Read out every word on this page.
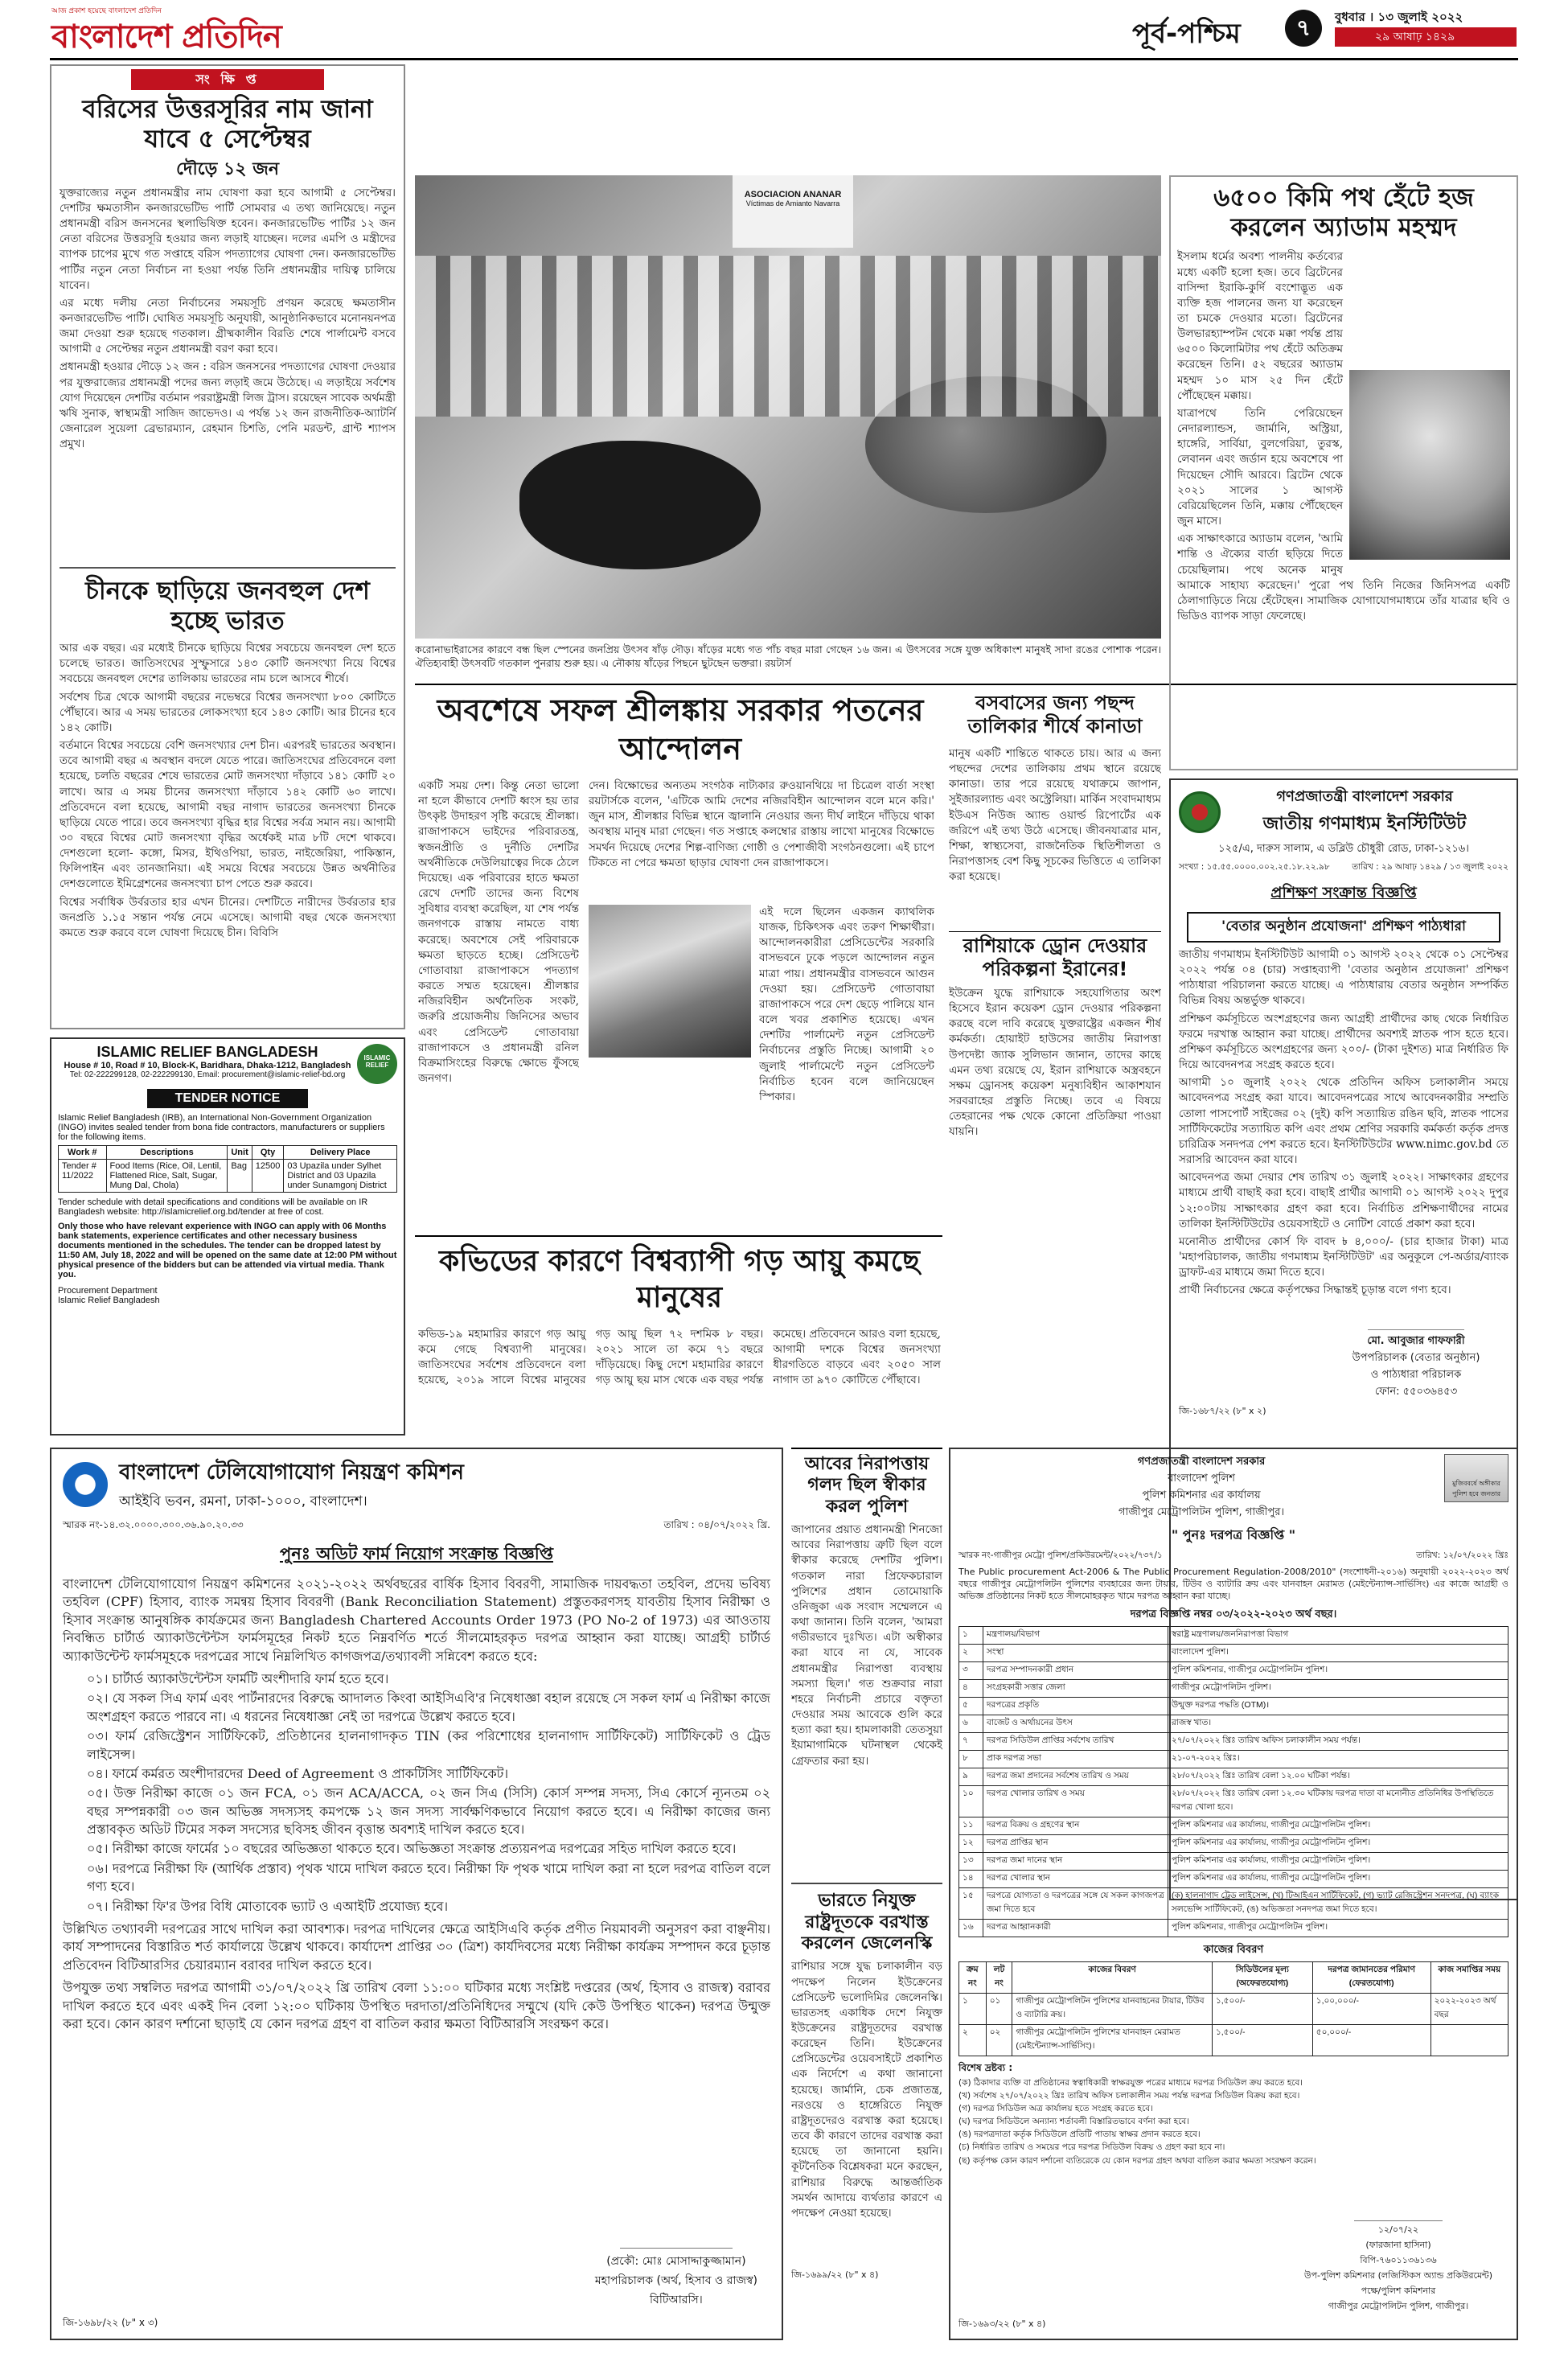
আজ প্রকাশ হয়েছে বাংলাদেশ প্রতিদিন
বাংলাদেশ প্রতিদিন	পূর্ব-পশ্চিম	৭	বুধবার । ১৩ জুলাই ২০২২
২৯ আষাঢ় ১৪২৯
সং ক্ষি প্ত
বরিসের উত্তরসূরির নাম জানা যাবে ৫ সেপ্টেম্বর
দৌড়ে ১২ জন

যুক্তরাজ্যের নতুন প্রধানমন্ত্রীর নাম ঘোষণা করা হবে আগামী ৫ সেপ্টেম্বর। দেশটির ক্ষমতাসীন কনজারভেটিভ পার্টি সোমবার এ তথ্য জানিয়েছে। নতুন প্রধানমন্ত্রী বরিস জনসনের স্থলাভিষিক্ত হবেন। কনজারভেটিভ পার্টির ১২ জন নেতা বরিসের উত্তরসূরি হওয়ার জন্য লড়াই যাচ্ছেন। দলের এমপি ও মন্ত্রীদের ব্যাপক চাপের মুখে গত সপ্তাহে বরিস পদত্যাগের ঘোষণা দেন। কনজারভেটিভ পার্টির নতুন নেতা নির্বাচন না হওয়া পর্যন্ত তিনি প্রধানমন্ত্রীর দায়িত্ব চালিয়ে যাবেন।

এর মধ্যে দলীয় নেতা নির্বাচনের সময়সূচি প্রণয়ন করেছে ক্ষমতাসীন কনজারভেটিভ পার্টি। ঘোষিত সময়সূচি অনুযায়ী, আনুষ্ঠানিকভাবে মনোনয়নপত্র জমা দেওয়া শুরু হয়েছে গতকাল। গ্রীষ্মকালীন বিরতি শেষে পার্লামেন্ট বসবে আগামী ৫ সেপ্টেম্বর নতুন প্রধানমন্ত্রী বরণ করা হবে।

প্রধানমন্ত্রী হওয়ার দৌড়ে ১২ জন : বরিস জনসনের পদত্যাগের ঘোষণা দেওয়ার পর যুক্তরাজ্যের প্রধানমন্ত্রী পদের জন্য লড়াই জমে উঠেছে। এ লড়াইয়ে সর্বশেষ যোগ দিয়েছেন দেশটির বর্তমান পররাষ্ট্রমন্ত্রী লিজ ট্রাস। রয়েছেন সাবেক অর্থমন্ত্রী ঋষি সুনাক, স্বাস্থ্যমন্ত্রী সাজিদ জাভেদও। এ পর্যন্ত ১২ জন রাজনীতিক-অ্যাটর্নি জেনারেল সুয়েলা ব্রেভারম্যান, রেহমান চিশতি, পেনি মরডন্ট, গ্রান্ট শ্যাপস প্রমুখ।

চীনকে ছাড়িয়ে জনবহুল দেশ হচ্ছে ভারত

আর এক বছর। এর মধ্যেই চীনকে ছাড়িয়ে বিশ্বের সবচেয়ে জনবহুল দেশ হতে চলেছে ভারত। জাতিসংঘের সুস্ফুসারে ১৪৩ কোটি জনসংখ্যা নিয়ে বিশ্বের সবচেয়ে জনবহুল দেশের তালিকায় ভারতের নাম চলে আসবে শীর্ষে।

সর্বশেষ চিত্র থেকে আগামী বছরের নভেম্বরে বিশ্বের জনসংখ্যা ৮০০ কোটিতে পৌঁছাবে। আর এ সময় ভারতের লোকসংখ্যা হবে ১৪৩ কোটি। আর চীনের হবে ১৪২ কোটি।

বর্তমানে বিশ্বের সবচেয়ে বেশি জনসংখ্যার দেশ চীন। এরপরই ভারতের অবস্থান। তবে আগামী বছর এ অবস্থান বদলে যেতে পারে। জাতিসংঘের প্রতিবেদনে বলা হয়েছে, চলতি বছরের শেষে ভারতের মোট জনসংখ্যা দাঁড়াবে ১৪১ কোটি ২০ লাখে। আর এ সময় চীনের জনসংখ্যা দাঁড়াবে ১৪২ কোটি ৬০ লাখে। প্রতিবেদনে বলা হয়েছে, আগামী বছর নাগাদ ভারতের জনসংখ্যা চীনকে ছাড়িয়ে যেতে পারে। তবে জনসংখ্যা বৃদ্ধির হার বিশ্বের সর্বত্র সমান নয়। আগামী ৩০ বছরে বিশ্বের মোট জনসংখ্যা বৃদ্ধির অর্ধেকই মাত্র ৮টি দেশে থাকবে। দেশগুলো হলো- কঙ্গো, মিসর, ইথিওপিয়া, ভারত, নাইজেরিয়া, পাকিস্তান, ফিলিপাইন এবং তানজানিয়া। এই সময়ে বিশ্বের সবচেয়ে উন্নত অর্থনীতির দেশগুলোতে ইমিগ্রেশনের জনসংখ্যা চাপ পেতে শুরু করবে।

বিশ্বের সর্বাধিক উর্বরতার হার এখন চীনের। দেশটিতে নারীদের উর্বরতার হার জনপ্রতি ১.১৫ সন্তান পর্যন্ত নেমে এসেছে। আগামী বছর থেকে জনসংখ্যা কমতে শুরু করবে বলে ঘোষণা দিয়েছে চীন। বিবিসি

ASOCIACION ANANAR
Víctimas de Amianto Navarra
করোনাভাইরাসের কারণে বন্ধ ছিল স্পেনের জনপ্রিয় উৎসব ষাঁড় দৌড়। ষাঁড়ের মধ্যে গত পাঁচ বছর মারা গেছেন ১৬ জন। এ উৎসবের সঙ্গে যুক্ত অধিকাংশ মানুষই সাদা রঙের পোশাক পরেন। ঐতিহ্যবাহী উৎসবটি গতকাল পুনরায় শুরু হয়। এ নৌকায় ষাঁড়ের পিছনে ছুটছেন ভক্তরা। রয়টার্স
অবশেষে সফল শ্রীলঙ্কায় সরকার পতনের আন্দোলন
একটি সময় দেশ। কিন্তু নেতা ভালো না হলে কীভাবে দেশটি ধ্বংস হয় তার উৎকৃষ্ট উদাহরণ সৃষ্টি করেছে শ্রীলঙ্কা। রাজাপাকসে ভাইদের পরিবারতন্ত্র, স্বজনপ্রীতি ও দুর্নীতি দেশটির অর্থনীতিকে দেউলিয়াত্বের দিকে ঠেলে দিয়েছে। এক পরিবারের হাতে ক্ষমতা রেখে দেশটি তাদের জন্য বিশেষ সুবিধার ব্যবস্থা করেছিল, যা শেষ পর্যন্ত জনগণকে রাস্তায় নামতে বাধ্য করেছে। অবশেষে সেই পরিবারকে ক্ষমতা ছাড়তে হচ্ছে। প্রেসিডেন্ট গোতাবায়া রাজাপাকসে পদত্যাগ করতে সম্মত হয়েছেন। শ্রীলঙ্কার নজিরবিহীন অর্থনৈতিক সংকট, জরুরি প্রয়োজনীয় জিনিসের অভাব এবং প্রেসিডেন্ট গোতাবায়া রাজাপাকসে ও প্রধানমন্ত্রী রনিল বিক্রমাসিংহের বিরুদ্ধে ক্ষোভে ফুঁসছে জনগণ।
দেন। বিক্ষোভের অন্যতম সংগঠক নাট্যকার রুওয়ানথিয়ে দা চিত্রেল বার্তা সংস্থা রয়টার্সকে বলেন, 'এটিকে আমি দেশের নজিরবিহীন আন্দোলন বলে মনে করি।' জুন মাস, শ্রীলঙ্কার বিভিন্ন স্থানে জ্বালানি নেওয়ার জন্য দীর্ঘ লাইনে দাঁড়িয়ে থাকা অবস্থায় মানুষ মারা গেছেন। গত সপ্তাহে কলম্বোর রাস্তায় লাখো মানুষের বিক্ষোভে সমর্থন দিয়েছে দেশের শিল্প-বাণিজ্য গোষ্ঠী ও পেশাজীবী সংগঠনগুলো। এই চাপে টিকতে না পেরে ক্ষমতা ছাড়ার ঘোষণা দেন রাজাপাকসে।
এই দলে ছিলেন একজন ক্যাথলিক যাজক, চিকিৎসক এবং তরুণ শিক্ষার্থীরা। আন্দোলনকারীরা প্রেসিডেন্টের সরকারি বাসভবনে ঢুকে পড়লে আন্দোলন নতুন মাত্রা পায়। প্রধানমন্ত্রীর বাসভবনে আগুন দেওয়া হয়। প্রেসিডেন্ট গোতাবায়া রাজাপাকসে পরে দেশ ছেড়ে পালিয়ে যান বলে খবর প্রকাশিত হয়েছে। এখন দেশটির পার্লামেন্ট নতুন প্রেসিডেন্ট নির্বাচনের প্রস্তুতি নিচ্ছে। আগামী ২০ জুলাই পার্লামেন্টে নতুন প্রেসিডেন্ট নির্বাচিত হবেন বলে জানিয়েছেন স্পিকার।
৬৫০০ কিমি পথ হেঁটে হজ করলেন অ্যাডাম মহম্মদ

ইসলাম ধর্মের অবশ্য পালনীয় কর্তব্যের মধ্যে একটি হলো হজ। তবে ব্রিটেনের বাসিন্দা ইরাকি-কুর্দি বংশোদ্ভূত এক ব্যক্তি হজ পালনের জন্য যা করেছেন তা চমকে দেওয়ার মতো। ব্রিটেনের উলভারহ্যাম্পটন থেকে মক্কা পর্যন্ত প্রায় ৬৫০০ কিলোমিটার পথ হেঁটে অতিক্রম করেছেন তিনি। ৫২ বছরের অ্যাডাম মহম্মদ ১০ মাস ২৫ দিন হেঁটে পৌঁছেছেন মক্কায়।

যাত্রাপথে তিনি পেরিয়েছেন নেদারল্যান্ডস, জার্মানি, অস্ট্রিয়া, হাঙ্গেরি, সার্বিয়া, বুলগেরিয়া, তুরস্ক, লেবানন এবং জর্ডান হয়ে অবশেষে পা দিয়েছেন সৌদি আরবে। ব্রিটেন থেকে ২০২১ সালের ১ আগস্ট বেরিয়েছিলেন তিনি, মক্কায় পৌঁছেছেন জুন মাসে।

এক সাক্ষাৎকারে অ্যাডাম বলেন, 'আমি শান্তি ও ঐক্যের বার্তা ছড়িয়ে দিতে চেয়েছিলাম। পথে অনেক মানুষ আমাকে সাহায্য করেছেন।' পুরো পথ তিনি নিজের জিনিসপত্র একটি ঠেলাগাড়িতে নিয়ে হেঁটেছেন। সামাজিক যোগাযোগমাধ্যমে তাঁর যাত্রার ছবি ও ভিডিও ব্যাপক সাড়া ফেলেছে।

বসবাসের জন্য পছন্দ তালিকার শীর্ষে কানাডা
মানুষ একটি শান্তিতে থাকতে চায়। আর এ জন্য পছন্দের দেশের তালিকায় প্রথম স্থানে রয়েছে কানাডা। তার পরে রয়েছে যথাক্রমে জাপান, সুইজারল্যান্ড এবং অস্ট্রেলিয়া। মার্কিন সংবাদমাধ্যম ইউএস নিউজ অ্যান্ড ওয়ার্ল্ড রিপোর্টের এক জরিপে এই তথ্য উঠে এসেছে। জীবনযাত্রার মান, শিক্ষা, স্বাস্থ্যসেবা, রাজনৈতিক স্থিতিশীলতা ও নিরাপত্তাসহ বেশ কিছু সূচকের ভিত্তিতে এ তালিকা করা হয়েছে।
রাশিয়াকে ড্রোন দেওয়ার পরিকল্পনা ইরানের!
ইউক্রেন যুদ্ধে রাশিয়াকে সহযোগিতার অংশ হিসেবে ইরান কয়েকশ ড্রোন দেওয়ার পরিকল্পনা করছে বলে দাবি করেছে যুক্তরাষ্ট্রের একজন শীর্ষ কর্মকর্তা। হোয়াইট হাউসের জাতীয় নিরাপত্তা উপদেষ্টা জ্যাক সুলিভান জানান, তাদের কাছে এমন তথ্য রয়েছে যে, ইরান রাশিয়াকে অস্ত্রবহনে সক্ষম ড্রোনসহ কয়েকশ মনুষ্যবিহীন আকাশযান সরবরাহের প্রস্তুতি নিচ্ছে। তবে এ বিষয়ে তেহরানের পক্ষ থেকে কোনো প্রতিক্রিয়া পাওয়া যায়নি।
কভিডের কারণে বিশ্বব্যাপী গড় আয়ু কমছে মানুষের
কভিড-১৯ মহামারির কারণে গড় আয়ু কমে গেছে বিশ্বব্যাপী মানুষের। জাতিসংঘের সর্বশেষ প্রতিবেদনে বলা হয়েছে, ২০১৯ সালে বিশ্বের মানুষের গড় আয়ু ছিল ৭২ দশমিক ৮ বছর। ২০২১ সালে তা কমে ৭১ বছরে দাঁড়িয়েছে। কিছু দেশে মহামারির কারণে গড় আয়ু ছয় মাস থেকে এক বছর পর্যন্ত কমেছে। প্রতিবেদনে আরও বলা হয়েছে, আগামী দশকে বিশ্বের জনসংখ্যা ধীরগতিতে বাড়বে এবং ২০৫০ সাল নাগাদ তা ৯৭০ কোটিতে পৌঁছাবে।
ISLAMIC RELIEF BANGLADESH
House # 10, Road # 10, Block-K, Baridhara, Dhaka-1212, Bangladesh
Tel: 02-222299128, 02-222299130, Email: procurement@islamic-relief-bd.org
ISLAMIC RELIEF
TENDER NOTICE
Islamic Relief Bangladesh (IRB), an International Non-Government Organization (INGO) invites sealed tender from bona fide contractors, manufacturers or suppliers for the following items.
Work #	Descriptions	Unit	Qty	Delivery Place
Tender # 11/2022	Food Items (Rice, Oil, Lentil, Flattened Rice, Salt, Sugar, Mung Dal, Chola)	Bag	12500	03 Upazila under Sylhet District and 03 Upazila under Sunamgonj District
Tender schedule with detail specifications and conditions will be available on IR Bangladesh website: http://islamicrelief.org.bd/tender at free of cost.
Only those who have relevant experience with INGO can apply with 06 Months bank statements, experience certificates and other necessary business documents mentioned in the schedules. The tender can be dropped latest by 11:50 AM, July 18, 2022 and will be opened on the same date at 12:00 PM without physical presence of the bidders but can be attended via virtual media. Thank you.
Procurement Department
Islamic Relief Bangladesh
গণপ্রজাতন্ত্রী বাংলাদেশ সরকার
জাতীয় গণমাধ্যম ইনস্টিটিউট
১২৫/এ, দারুস সালাম, এ ডব্লিউ চৌধুরী রোড, ঢাকা-১২১৬।
সংখ্যা : ১৫.৫৫.০০০০.০০২.২৫.১৮.২২.৯৮	তারিখ : ২৯ আষাঢ় ১৪২৯ / ১৩ জুলাই ২০২২
প্রশিক্ষণ সংক্রান্ত বিজ্ঞপ্তি
'বেতার অনুষ্ঠান প্রযোজনা' প্রশিক্ষণ পাঠ্যধারা

জাতীয় গণমাধ্যম ইনস্টিটিউট আগামী ০১ আগস্ট ২০২২ থেকে ০১ সেপ্টেম্বর ২০২২ পর্যন্ত ০৪ (চার) সপ্তাহব্যাপী 'বেতার অনুষ্ঠান প্রযোজনা' প্রশিক্ষণ পাঠ্যধারা পরিচালনা করতে যাচ্ছে। এ পাঠ্যধারায় বেতার অনুষ্ঠান সম্পর্কিত বিভিন্ন বিষয় অন্তর্ভুক্ত থাকবে।

প্রশিক্ষণ কর্মসূচিতে অংশগ্রহণের জন্য আগ্রহী প্রার্থীদের কাছ থেকে নির্ধারিত ফরমে দরখাস্ত আহ্বান করা যাচ্ছে। প্রার্থীদের অবশ্যই স্নাতক পাস হতে হবে। প্রশিক্ষণ কর্মসূচিতে অংশগ্রহণের জন্য ২০০/- (টাকা দুইশত) মাত্র নির্ধারিত ফি দিয়ে আবেদনপত্র সংগ্রহ করতে হবে।

আগামী ১০ জুলাই ২০২২ থেকে প্রতিদিন অফিস চলাকালীন সময়ে আবেদনপত্র সংগ্রহ করা যাবে। আবেদনপত্রের সাথে আবেদনকারীর সম্প্রতি তোলা পাসপোর্ট সাইজের ০২ (দুই) কপি সত্যায়িত রঙিন ছবি, স্নাতক পাসের সার্টিফিকেটের সত্যায়িত কপি এবং প্রথম শ্রেণির সরকারি কর্মকর্তা কর্তৃক প্রদত্ত চারিত্রিক সনদপত্র পেশ করতে হবে। ইনস্টিটিউটের www.nimc.gov.bd তে সরাসরি আবেদন করা যাবে।

আবেদনপত্র জমা দেয়ার শেষ তারিখ ৩১ জুলাই ২০২২। সাক্ষাৎকার গ্রহণের মাধ্যমে প্রার্থী বাছাই করা হবে। বাছাই প্রার্থীর আগামী ০১ আগস্ট ২০২২ দুপুর ১২:০০টায় সাক্ষাৎকার গ্রহণ করা হবে। নির্বাচিত প্রশিক্ষণার্থীদের নামের তালিকা ইনস্টিটিউটের ওয়েবসাইটে ও নোটিশ বোর্ডে প্রকাশ করা হবে।

মনোনীত প্রার্থীদের কোর্স ফি বাবদ ৳ ৪,০০০/- (চার হাজার টাকা) মাত্র 'মহাপরিচালক, জাতীয় গণমাধ্যম ইনস্টিটিউট' এর অনুকূলে পে-অর্ডার/ব্যাংক ড্রাফট-এর মাধ্যমে জমা দিতে হবে।

প্রার্থী নির্বাচনের ক্ষেত্রে কর্তৃপক্ষের সিদ্ধান্তই চূড়ান্ত বলে গণ্য হবে।

মো. আবুজার গাফফারী
উপপরিচালক (বেতার অনুষ্ঠান)
ও পাঠ্যধারা পরিচালক
ফোন: ৫৫০৩৬৪৫৩
জি-১৬৮৭/২২ (৮" x ২)
বাংলাদেশ টেলিযোগাযোগ নিয়ন্ত্রণ কমিশন
আইইবি ভবন, রমনা, ঢাকা-১০০০, বাংলাদেশ।
স্মারক নং-১৪.৩২.০০০০.৩০০.৩৬.৯০.২০.৩৩	তারিখ : ০৪/০৭/২০২২ খ্রি.
পুনঃ অডিট ফার্ম নিয়োগ সংক্রান্ত বিজ্ঞপ্তি
বাংলাদেশ টেলিযোগাযোগ নিয়ন্ত্রণ কমিশনের ২০২১-২০২২ অর্থবছরের বার্ষিক হিসাব বিবরণী, সামাজিক দায়বদ্ধতা তহবিল, প্রদেয় ভবিষ্য তহবিল (CPF) হিসাব, ব্যাংক সমন্বয় হিসাব বিবরণী (Bank Reconciliation Statement) প্রস্তুতকরণসহ যাবতীয় হিসাব নিরীক্ষা ও হিসাব সংক্রান্ত আনুষঙ্গিক কার্যক্রমের জন্য Bangladesh Chartered Accounts Order 1973 (PO No-2 of 1973) এর আওতায় নিবন্ধিত চার্টার্ড অ্যাকাউন্টেন্টস ফার্মসমূহের নিকট হতে নিম্নবর্ণিত শর্তে সীলমোহরকৃত দরপত্র আহ্বান করা যাচ্ছে। আগ্রহী চার্টার্ড অ্যাকাউন্টেন্ট ফার্মসমূহকে দরপত্রের সাথে নিম্নলিখিত কাগজপত্র/তথ্যাবলী সন্নিবেশ করতে হবে:
০১। চার্টার্ড অ্যাকাউন্টেন্টস ফার্মটি অংশীদারি ফার্ম হতে হবে।
০২। যে সকল সিএ ফার্ম এবং পার্টনারদের বিরুদ্ধে আদালত কিংবা আইসিএবি'র নিষেধাজ্ঞা বহাল রয়েছে সে সকল ফার্ম এ নিরীক্ষা কাজে অংশগ্রহণ করতে পারবে না। এ ধরনের নিষেধাজ্ঞা নেই তা দরপত্রে উল্লেখ করতে হবে।
০৩। ফার্ম রেজিস্ট্রেশন সার্টিফিকেট, প্রতিষ্ঠানের হালনাগাদকৃত TIN (কর পরিশোধের হালনাগাদ সার্টিফিকেট) সার্টিফিকেট ও ট্রেড লাইসেন্স।
০৪। ফার্মে কর্মরত অংশীদারদের Deed of Agreement ও প্রাকটিসিং সার্টিফিকেট।
০৫। উক্ত নিরীক্ষা কাজে ০১ জন FCA, ০১ জন ACA/ACCA, ০২ জন সিএ (সিসি) কোর্স সম্পন্ন সদস্য, সিএ কোর্সে ন্যূনতম ০২ বছর সম্পন্নকারী ০৩ জন অভিজ্ঞ সদস্যসহ কমপক্ষে ১২ জন সদস্য সার্বক্ষণিকভাবে নিয়োগ করতে হবে। এ নিরীক্ষা কাজের জন্য প্রস্তাবকৃত অডিট টিমের সকল সদস্যের ছবিসহ জীবন বৃত্তান্ত অবশ্যই দাখিল করতে হবে।
০৫। নিরীক্ষা কাজে ফার্মের ১০ বছরের অভিজ্ঞতা থাকতে হবে। অভিজ্ঞতা সংক্রান্ত প্রত্যয়নপত্র দরপত্রের সহিত দাখিল করতে হবে।
০৬। দরপত্রে নিরীক্ষা ফি (আর্থিক প্রস্তাব) পৃথক খামে দাখিল করতে হবে। নিরীক্ষা ফি পৃথক খামে দাখিল করা না হলে দরপত্র বাতিল বলে গণ্য হবে।
০৭। নিরীক্ষা ফি'র উপর বিধি মোতাবেক ভ্যাট ও এআইটি প্রযোজ্য হবে।
উল্লিখিত তথ্যাবলী দরপত্রের সাথে দাখিল করা আবশ্যক। দরপত্র দাখিলের ক্ষেত্রে আইসিএবি কর্তৃক প্রণীত নিয়মাবলী অনুসরণ করা বাঞ্ছনীয়। কার্য সম্পাদনের বিস্তারিত শর্ত কার্যালয়ে উল্লেখ থাকবে। কার্যাদেশ প্রাপ্তির ৩০ (ত্রিশ) কার্যদিবসের মধ্যে নিরীক্ষা কার্যক্রম সম্পাদন করে চূড়ান্ত প্রতিবেদন বিটিআরসির চেয়ারম্যান বরাবর দাখিল করতে হবে।
উপযুক্ত তথ্য সম্বলিত দরপত্র আগামী ৩১/০৭/২০২২ খ্রি তারিখ বেলা ১১:০০ ঘটিকার মধ্যে সংশ্লিষ্ট দপ্তরের (অর্থ, হিসাব ও রাজস্ব) বরাবর দাখিল করতে হবে এবং একই দিন বেলা ১২:০০ ঘটিকায় উপস্থিত দরদাতা/প্রতিনিধিদের সম্মুখে (যদি কেউ উপস্থিত থাকেন) দরপত্র উন্মুক্ত করা হবে। কোন কারণ দর্শানো ছাড়াই যে কোন দরপত্র গ্রহণ বা বাতিল করার ক্ষমতা বিটিআরসি সংরক্ষণ করে।
(প্রকৌ: মোঃ মোসাদ্দাকুজ্জামান)
মহাপরিচালক (অর্থ, হিসাব ও রাজস্ব)
বিটিআরসি।
জি-১৬৯৮/২২ (৮" x ৩)
আবের নিরাপত্তায় গলদ ছিল স্বীকার করল পুলিশ
জাপানের প্রয়াত প্রধানমন্ত্রী শিনজো আবের নিরাপত্তায় ত্রুটি ছিল বলে স্বীকার করেছে দেশটির পুলিশ। গতকাল নারা প্রিফেকচারাল পুলিশের প্রধান তোমোয়াকি ওনিজুকা এক সংবাদ সম্মেলনে এ কথা জানান। তিনি বলেন, 'আমরা গভীরভাবে দুঃখিত। এটা অস্বীকার করা যাবে না যে, সাবেক প্রধানমন্ত্রীর নিরাপত্তা ব্যবস্থায় সমস্যা ছিল।' গত শুক্রবার নারা শহরে নির্বাচনী প্রচারে বক্তৃতা দেওয়ার সময় আবেকে গুলি করে হত্যা করা হয়। হামলাকারী তেতসুয়া ইয়ামাগামিকে ঘটনাস্থল থেকেই গ্রেফতার করা হয়।
ভারতে নিযুক্ত রাষ্ট্রদূতকে বরখাস্ত করলেন জেলেনস্কি
রাশিয়ার সঙ্গে যুদ্ধ চলাকালীন বড় পদক্ষেপ নিলেন ইউক্রেনের প্রেসিডেন্ট ভলোদিমির জেলেনস্কি। ভারতসহ একাধিক দেশে নিযুক্ত ইউক্রেনের রাষ্ট্রদূতদের বরখাস্ত করেছেন তিনি। ইউক্রেনের প্রেসিডেন্টের ওয়েবসাইটে প্রকাশিত এক নির্দেশে এ কথা জানানো হয়েছে। জার্মানি, চেক প্রজাতন্ত্র, নরওয়ে ও হাঙ্গেরিতে নিযুক্ত রাষ্ট্রদূতদেরও বরখাস্ত করা হয়েছে। তবে কী কারণে তাদের বরখাস্ত করা হয়েছে তা জানানো হয়নি। কূটনৈতিক বিশ্লেষকরা মনে করছেন, রাশিয়ার বিরুদ্ধে আন্তর্জাতিক সমর্থন আদায়ে ব্যর্থতার কারণে এ পদক্ষেপ নেওয়া হয়েছে।
জি-১৬৯৯/২২ (৮" x ৪)
গণপ্রজাতন্ত্রী বাংলাদেশ সরকার
বাংলাদেশ পুলিশ
পুলিশ কমিশনার এর কার্যালয়
গাজীপুর মেট্রোপলিটন পুলিশ, গাজীপুর।
মুজিববর্ষে অঙ্গীকার পুলিশ হবে জনতার
" পুনঃ দরপত্র বিজ্ঞপ্তি "
স্মারক নং-গাজীপুর মেট্রো পুলিশ/প্রকিউরমেন্ট/২০২২/৭৩৭/১	তারিখ: ১২/০৭/২০২২ খ্রিঃ
The Public procurement Act-2006 & The Public Procurement Regulation-2008/2010" (সংশোধনী-২০১৬) অনুযায়ী ২০২২-২০২৩ অর্থ বছরে গাজীপুর মেট্রোপলিটন পুলিশের ব্যবহারের জন্য টায়ার, টিউব ও ব্যাটারি ক্রয় এবং যানবাহন মেরামত (মেইন্টেন্যান্স-সার্ভিসিং) এর কাজে আগ্রহী ও অভিজ্ঞ প্রতিষ্ঠানের নিকট হতে সীলমোহরকৃত খামে দরপত্র আহ্বান করা যাচ্ছে।
দরপত্র বিজ্ঞপ্তি নম্বর ০৩/২০২২-২০২৩ অর্থ বছর।
১	মন্ত্রণালয়/বিভাগ	স্বরাষ্ট্র মন্ত্রণালয়/জননিরাপত্তা বিভাগ
২	সংস্থা	বাংলাদেশ পুলিশ।
৩	দরপত্র সম্পাদনকারী প্রধান	পুলিশ কমিশনার, গাজীপুর মেট্রোপলিটন পুলিশ।
৪	সংগ্রহকারী সত্তার জেলা	গাজীপুর মেট্রোপলিটন পুলিশ।
৫	দরপত্রের প্রকৃতি	উন্মুক্ত দরপত্র পদ্ধতি (OTM)।
৬	বাজেট ও অর্থায়নের উৎস	রাজস্ব খাত।
৭	দরপত্র সিডিউল প্রাপ্তির সর্বশেষ তারিখ	২৭/০৭/২০২২ খ্রিঃ তারিখ অফিস চলাকালীন সময় পর্যন্ত।
৮	প্রাক দরপত্র সভা	২১-০৭-২০২২ খ্রিঃ।
৯	দরপত্র জমা প্রদানের সর্বশেষ তারিখ ও সময়	২৮/০৭/২০২২ খ্রিঃ তারিখ বেলা ১২.০০ ঘটিকা পর্যন্ত।
১০	দরপত্র খোলার তারিখ ও সময়	২৮/০৭/২০২২ খ্রিঃ তারিখ বেলা ১২.৩০ ঘটিকায় দরপত্র দাতা বা মনোনীত প্রতিনিধির উপস্থিতিতে দরপত্র খোলা হবে।
১১	দরপত্র বিক্রয় ও গ্রহণের স্থান	পুলিশ কমিশনার এর কার্যালয়, গাজীপুর মেট্রোপলিটন পুলিশ।
১২	দরপত্র প্রাপ্তির স্থান	পুলিশ কমিশনার এর কার্যালয়, গাজীপুর মেট্রোপলিটন পুলিশ।
১৩	দরপত্র জমা দানের স্থান	পুলিশ কমিশনার এর কার্যালয়, গাজীপুর মেট্রোপলিটন পুলিশ।
১৪	দরপত্র খোলার স্থান	পুলিশ কমিশনার এর কার্যালয়, গাজীপুর মেট্রোপলিটন পুলিশ।
১৫	দরপত্রে যোগ্যতা ও দরপত্রের সঙ্গে যে সকল কাগজপত্র জমা দিতে হবে	(ক) হালনাগাদ ট্রেড লাইসেন্স, (খ) টিআইএন সার্টিফিকেট, (গ) ভ্যাট রেজিস্ট্রেশন সনদপত্র, (ঘ) ব্যাংক সলভেন্সি সার্টিফিকেট, (ঙ) অভিজ্ঞতা সনদপত্র জমা দিতে হবে।
১৬	দরপত্র আহ্বানকারী	পুলিশ কমিশনার, গাজীপুর মেট্রোপলিটন পুলিশ।
কাজের বিবরণ
ক্রম নং	লট নং	কাজের বিবরণ	সিডিউলের মূল্য (অফেরতযোগ্য)	দরপত্র জামানতের পরিমাণ (ফেরতযোগ্য)	কাজ সমাপ্তির সময়
১	০১	গাজীপুর মেট্রোপলিটন পুলিশের যানবাহনের টায়ার, টিউব ও ব্যাটারি ক্রয়।	১,৫০০/-	১,০০,০০০/-	২০২২-২০২৩ অর্থ বছর
২	০২	গাজীপুর মেট্রোপলিটন পুলিশের যানবাহন মেরামত (মেইন্টেন্যান্স-সার্ভিসিং)।	১,৫০০/-	৫০,০০০/-	
বিশেষ দ্রষ্টব্য :
(ক) ঠিকাদার ব্যক্তি বা প্রতিষ্ঠানের স্বত্বাধিকারী স্বাক্ষরযুক্ত পত্রের মাধ্যমে দরপত্র সিডিউল ক্রয় করতে হবে।
(খ) সর্বশেষ ২৭/০৭/২০২২ খ্রিঃ তারিখ অফিস চলাকালীন সময় পর্যন্ত দরপত্র সিডিউল বিক্রয় করা হবে।
(গ) দরপত্র সিডিউল অত্র কার্যালয় হতে সংগ্রহ করতে হবে।
(ঘ) দরপত্র সিডিউলে অন্যান্য শর্তাবলী বিস্তারিতভাবে বর্ণনা করা হবে।
(ঙ) দরপত্রদাতা কর্তৃক সিডিউলে প্রতিটি পাতায় স্বাক্ষর প্রদান করতে হবে।
(চ) নির্ধারিত তারিখ ও সময়ের পরে দরপত্র সিডিউল বিক্রয় ও গ্রহণ করা হবে না।
(ছ) কর্তৃপক্ষ কোন কারণ দর্শানো ব্যতিরেকে যে কোন দরপত্র গ্রহণ অথবা বাতিল করার ক্ষমতা সংরক্ষণ করেন।
১২/০৭/২২
(ফারজানা হাসিনা)
বিপি-৭৬০১১৩৬১৩৬
উপ-পুলিশ কমিশনার (লজিস্টিকস অ্যান্ড প্রকিউরমেন্ট)
পক্ষে/পুলিশ কমিশনার
গাজীপুর মেট্রোপলিটন পুলিশ, গাজীপুর।
জি-১৬৯৩/২২ (৮" x ৪)
